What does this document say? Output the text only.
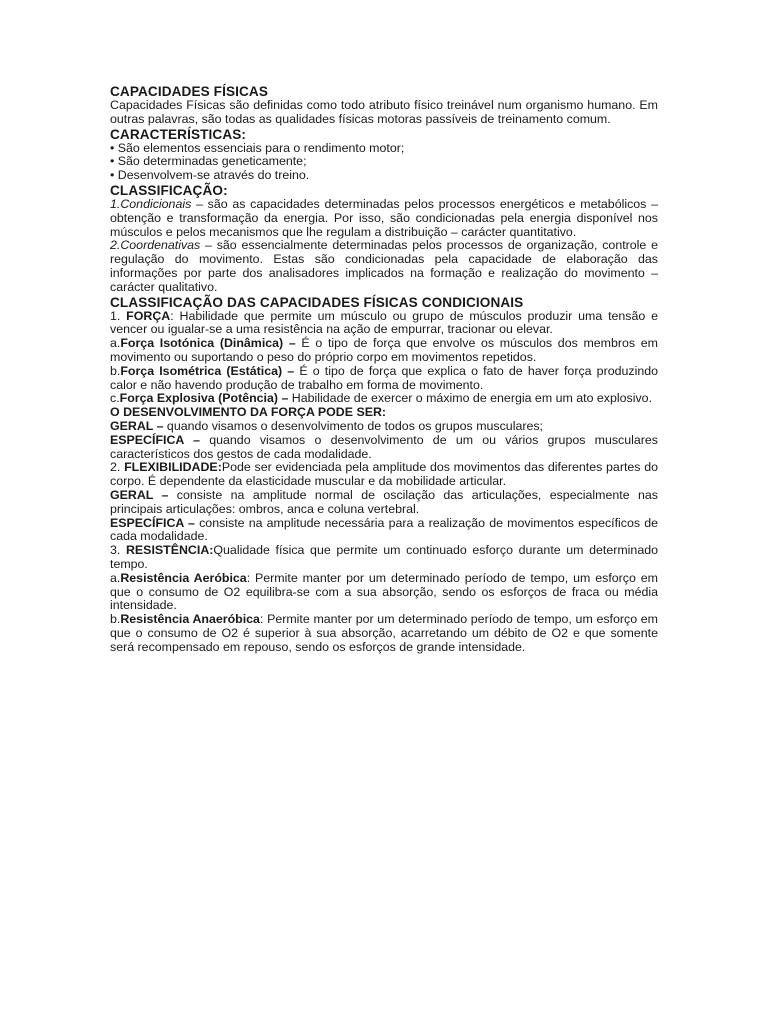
CAPACIDADES FÍSICAS

Capacidades Físicas são definidas como todo atributo físico treinável num organismo humano. Em outras palavras, são todas as qualidades físicas motoras passíveis de treinamento comum.

CARACTERÍSTICAS:

• São elementos essenciais para o rendimento motor;

• São determinadas geneticamente;

• Desenvolvem-se através do treino.

CLASSIFICAÇÃO:

1.Condicionais – são as capacidades determinadas pelos processos energéticos e metabólicos – obtenção e transformação da energia. Por isso, são condicionadas pela energia disponível nos músculos e pelos mecanismos que lhe regulam a distribuição – carácter quantitativo.

2.Coordenativas – são essencialmente determinadas pelos processos de organização, controle e regulação do movimento. Estas são condicionadas pela capacidade de elaboração das informações por parte dos analisadores implicados na formação e realização do movimento – carácter qualitativo.

CLASSIFICAÇÃO DAS CAPACIDADES FÍSICAS CONDICIONAIS

1. FORÇA: Habilidade que permite um músculo ou grupo de músculos produzir uma tensão e vencer ou igualar-se a uma resistência na ação de empurrar, tracionar ou elevar.

a.Força Isotónica (Dinâmica) – É o tipo de força que envolve os músculos dos membros em movimento ou suportando o peso do próprio corpo em movimentos repetidos.

b.Força Isométrica (Estática) – É o tipo de força que explica o fato de haver força produzindo calor e não havendo produção de trabalho em forma de movimento.

c.Força Explosiva (Potência) – Habilidade de exercer o máximo de energia em um ato explosivo.

O DESENVOLVIMENTO DA FORÇA PODE SER:

GERAL – quando visamos o desenvolvimento de todos os grupos musculares;

ESPECÍFICA – quando visamos o desenvolvimento de um ou vários grupos musculares característicos dos gestos de cada modalidade.

2. FLEXIBILIDADE:Pode ser evidenciada pela amplitude dos movimentos das diferentes partes do corpo. É dependente da elasticidade muscular e da mobilidade articular.

GERAL – consiste na amplitude normal de oscilação das articulações, especialmente nas principais articulações: ombros, anca e coluna vertebral.

ESPECÍFICA – consiste na amplitude necessária para a realização de movimentos específicos de cada modalidade.

3. RESISTÊNCIA:Qualidade física que permite um continuado esforço durante um determinado tempo.

a.Resistência Aeróbica: Permite manter por um determinado período de tempo, um esforço em que o consumo de O2 equilibra-se com a sua absorção, sendo os esforços de fraca ou média intensidade.

b.Resistência Anaeróbica: Permite manter por um determinado período de tempo, um esforço em que o consumo de O2 é superior à sua absorção, acarretando um débito de O2 e que somente será recompensado em repouso, sendo os esforços de grande intensidade.
